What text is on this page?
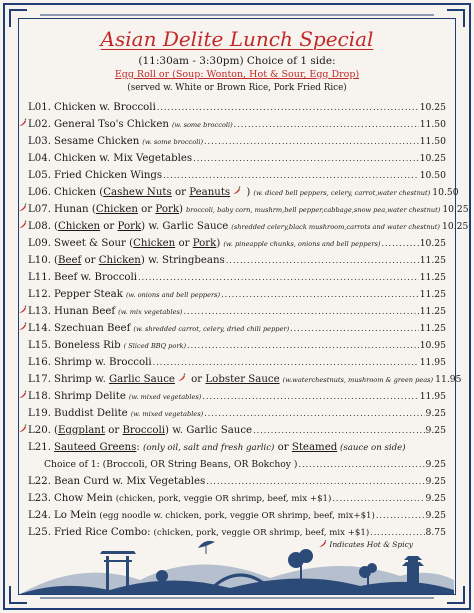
Asian Delite Lunch Special
(11:30am - 3:30pm) Choice of 1 side:
Egg Roll or (Soup: Wonton, Hot & Sour, Egg Drop)
(served w. White or Brown Rice, Pork Fried Rice)
L01. Chicken w. Broccoli .....	10.25
L02. General Tso's Chicken (w. some broccoli) .....	11.50
L03. Sesame Chicken (w. some broccoli) .....	11.50
L04. Chicken w. Mix Vegetables .....	10.25
L05. Fried Chicken Wings .....	10.50
L06. Chicken (Cashew Nuts or Peanuts ) (w. diced bell peppers, celery, carrot,water chestnut) 10.50
L07. Hunan (Chicken or Pork) broccoli, baby corn, mushrm,bell pepper,cabbage,snow pea,water chestnut) 10.25
L08. (Chicken or Pork) w. Garlic Sauce (shredded celery,black mushroom,carrots and water chestnut) 10.25
L09. Sweet & Sour (Chicken or Pork) (w. pineapple chunks, onions and bell peppers) .....	10.25
L10. (Beef or Chicken) w. Stringbeans .....	11.25
L11. Beef w. Broccoli .....	11.25
L12. Pepper Steak (w. onions and bell peppers) .....	11.25
L13. Hunan Beef (w. mix vegetables) .....	11.25
L14. Szechuan Beef (w. shredded carrot, celery, dried chili pepper) .....	11.25
L15. Boneless Rib ( Sliced BBQ pork) .....	10.95
L16. Shrimp w. Broccoli .....	11.95
L17. Shrimp w. Garlic Sauce or Lobster Sauce (w.waterchestnuts, mushroom & green peas) 11.95
L18. Shrimp Delite (w. mixed vegetables) .....	11.95
L19. Buddist Delite (w. mixed vegetables) .....	9.25
L20. (Eggplant or Broccoli) w. Garlic Sauce .....	9.25
L21. Sauteed Greens: (only oil, salt and fresh garlic) or Steamed (sauce on side)
Choice of 1: (Broccoli, OR String Beans, OR Bokchoy ) .....	9.25
L22. Bean Curd w. Mix Vegetables .....	9.25
L23. Chow Mein (chicken, pork, veggie OR shrimp, beef, mix +$1) .....	9.25
L24. Lo Mein (egg noodle w. chicken, pork, veggie OR shrimp, beef, mix+$1) .....	9.25
L25. Fried Rice Combo: (chicken, pork, veggie OR shrimp, beef, mix +$1) .....	8.75
Indicates Hot & Spicy
